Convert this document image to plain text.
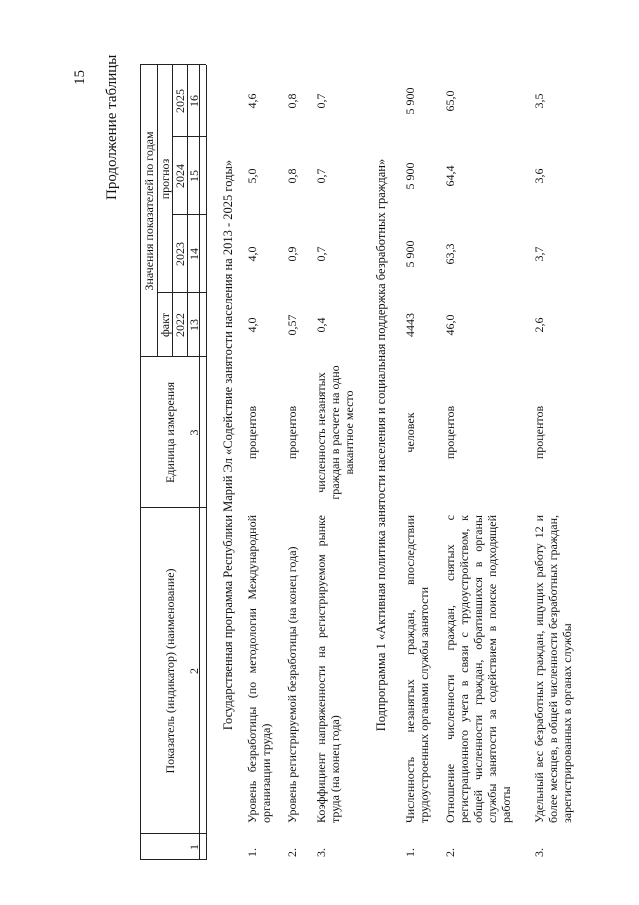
15 Продолжение таблицы
Показатель (индикатор) (наименование)
Единица измерения
Значения показателей по годам
факт
прогноз
2022
2023
2024
2025
1
2
3
13
14
15
16
Государственная программа Республики Марий Эл «Содействие занятости населения на 2013 - 2025 годы»
1.
Уровень безработицы (по методологии Международной организации труда)
процентов
4,0
4,0
5,0
4,6
2.
Уровень регистрируемой безработицы (на конец года)
процентов
0,57
0,9
0,8
0,8
3.
Коэффициент напряженности на регистрируемом рынке труда (на конец года)
численность незанятых граждан в расчете на одно вакантное место
0,4
0,7
0,7
0,7
Подпрограмма 1 «Активная политика занятости населения и социальная поддержка безработных граждан»
1.
Численность незанятых граждан, впоследствии трудоустроенных органами службы занятости
человек
4443
5 900
5 900
5 900
2.
Отношение численности граждан, снятых с регистрационного учета в связи с трудоустройством, к общей численности граждан, обратившихся в органы службы занятости за содействием в поиске подходящей работы
процентов
46,0
63,3
64,4
65,0
3.
Удельный вес безработных граждан, ищущих работу 12 и более месяцев, в общей численности безработных граждан, зарегистрированных в органах службы
процентов
2,6
3,7
3,6
3,5
